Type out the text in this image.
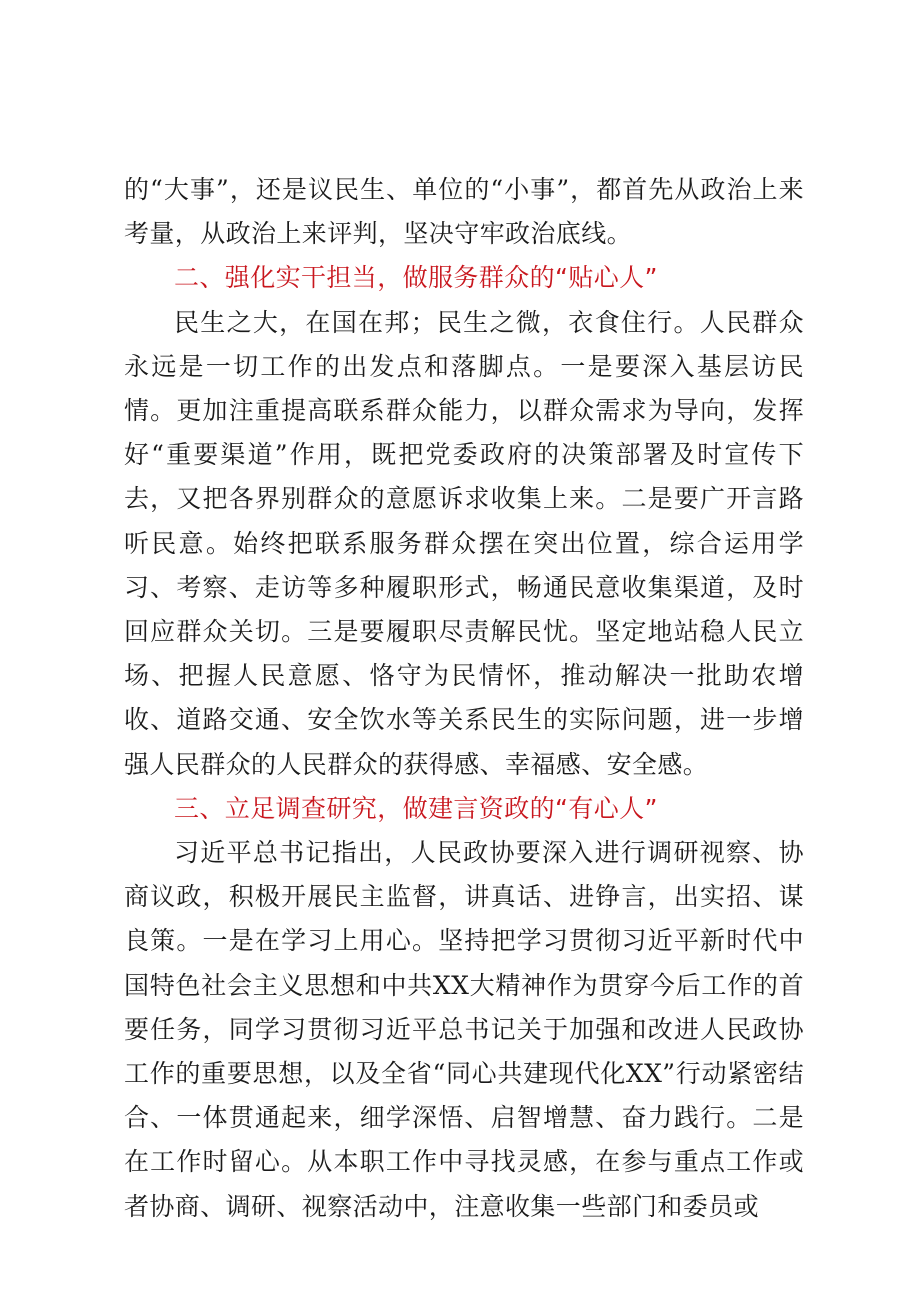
的“大事”，还是议民生、单位的“小事”，都首先从政治上来考量，从政治上来评判，坚决守牢政治底线。

二、强化实干担当，做服务群众的“贴心人”

民生之大，在国在邦；民生之微，衣食住行。人民群众永远是一切工作的出发点和落脚点。一是要深入基层访民情。更加注重提高联系群众能力，以群众需求为导向，发挥好“重要渠道”作用，既把党委政府的决策部署及时宣传下去，又把各界别群众的意愿诉求收集上来。二是要广开言路听民意。始终把联系服务群众摆在突出位置，综合运用学习、考察、走访等多种履职形式，畅通民意收集渠道，及时回应群众关切。三是要履职尽责解民忧。坚定地站稳人民立场、把握人民意愿、恪守为民情怀，推动解决一批助农增收、道路交通、安全饮水等关系民生的实际问题，进一步增强人民群众的人民群众的获得感、幸福感、安全感。

三、立足调查研究，做建言资政的“有心人”

习近平总书记指出，人民政协要深入进行调研视察、协商议政，积极开展民主监督，讲真话、进铮言，出实招、谋良策。一是在学习上用心。坚持把学习贯彻习近平新时代中国特色社会主义思想和中共XX大精神作为贯穿今后工作的首要任务，同学习贯彻习近平总书记关于加强和改进人民政协工作的重要思想，以及全省“同心共建现代化XX”行动紧密结合、一体贯通起来，细学深悟、启智增慧、奋力践行。二是在工作时留心。从本职工作中寻找灵感，在参与重点工作或者协商、调研、视察活动中，注意收集一些部门和委员或
